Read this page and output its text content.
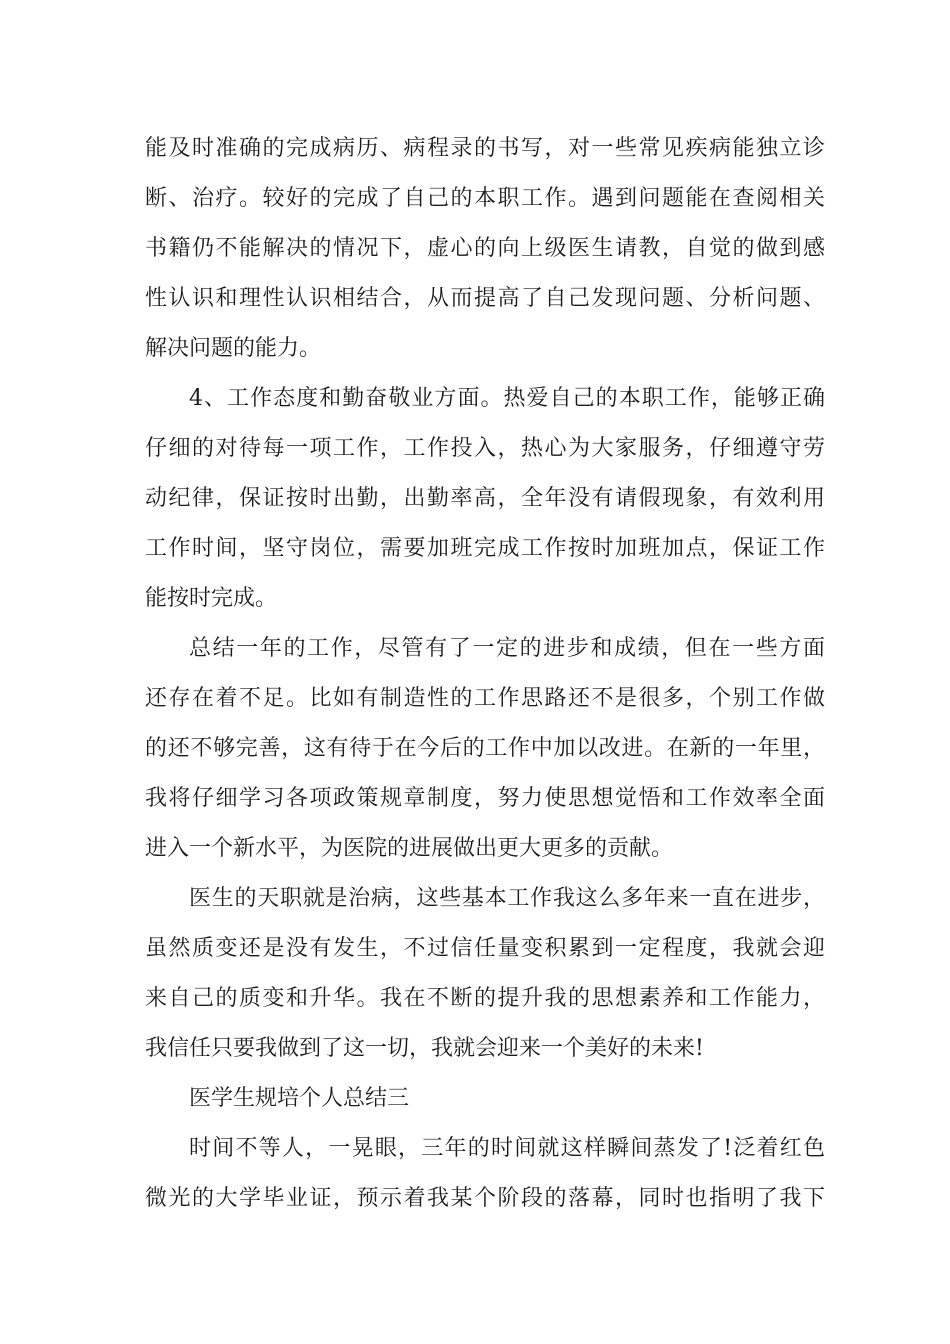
能及时准确的完成病历、病程录的书写，对一些常见疾病能独立诊
断、治疗。较好的完成了自己的本职工作。遇到问题能在查阅相关
书籍仍不能解决的情况下，虚心的向上级医生请教，自觉的做到感
性认识和理性认识相结合，从而提高了自己发现问题、分析问题、
解决问题的能力。
4、工作态度和勤奋敬业方面。热爱自己的本职工作，能够正确
仔细的对待每一项工作，工作投入，热心为大家服务，仔细遵守劳
动纪律，保证按时出勤，出勤率高，全年没有请假现象，有效利用
工作时间，坚守岗位，需要加班完成工作按时加班加点，保证工作
能按时完成。
总结一年的工作，尽管有了一定的进步和成绩，但在一些方面
还存在着不足。比如有制造性的工作思路还不是很多，个别工作做
的还不够完善，这有待于在今后的工作中加以改进。在新的一年里，
我将仔细学习各项政策规章制度，努力使思想觉悟和工作效率全面
进入一个新水平，为医院的进展做出更大更多的贡献。
医生的天职就是治病，这些基本工作我这么多年来一直在进步，
虽然质变还是没有发生，不过信任量变积累到一定程度，我就会迎
来自己的质变和升华。我在不断的提升我的思想素养和工作能力，
我信任只要我做到了这一切，我就会迎来一个美好的未来!
医学生规培个人总结三
时间不等人，一晃眼，三年的时间就这样瞬间蒸发了!泛着红色
微光的大学毕业证，预示着我某个阶段的落幕，同时也指明了我下
